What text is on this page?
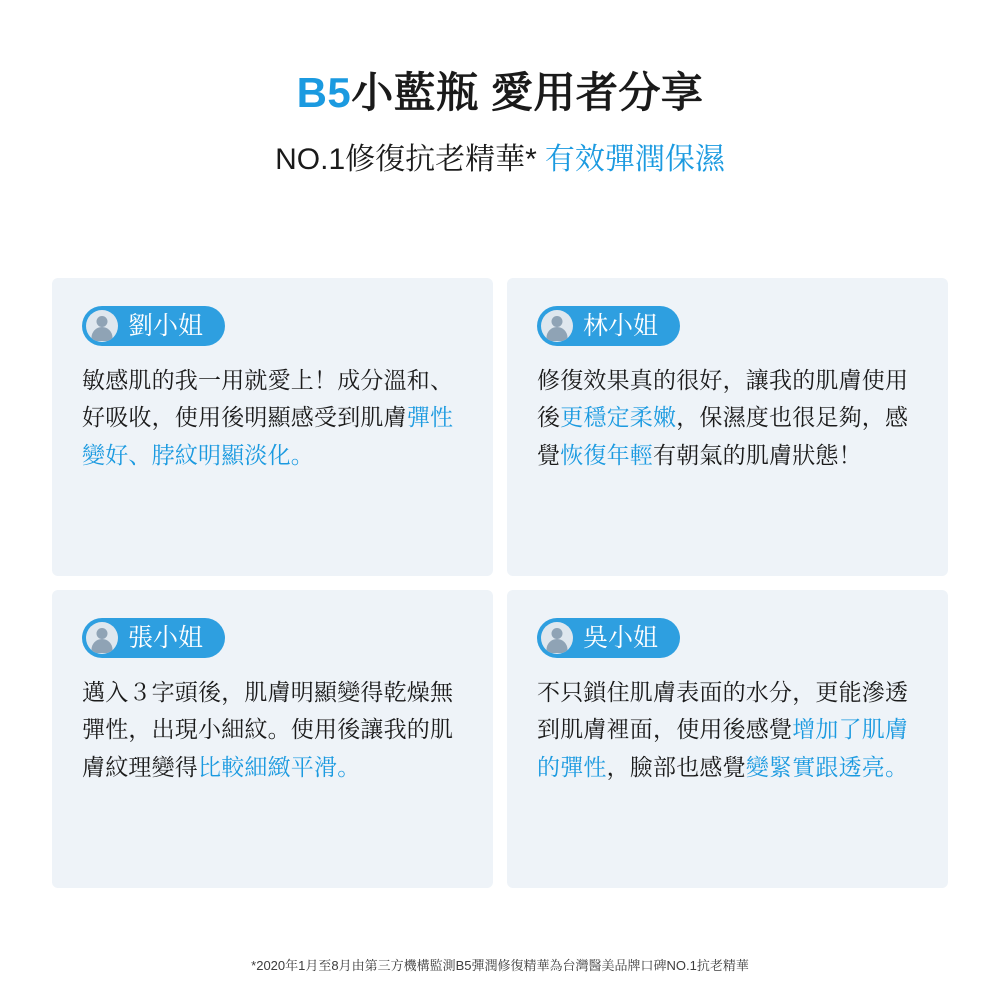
B5小藍瓶 愛用者分享
NO.1修復抗老精華* 有效彈潤保濕
劉小姐
敏感肌的我一用就愛上！成分溫和、好吸收，使用後明顯感受到肌膚彈性變好、脖紋明顯淡化。
林小姐
修復效果真的很好，讓我的肌膚使用後更穩定柔嫩，保濕度也很足夠，感覺恢復年輕有朝氣的肌膚狀態！
張小姐
邁入３字頭後，肌膚明顯變得乾燥無彈性，出現小細紋。使用後讓我的肌膚紋理變得比較細緻平滑。
吳小姐
不只鎖住肌膚表面的水分，更能滲透到肌膚裡面，使用後感覺增加了肌膚的彈性，臉部也感覺變緊實跟透亮。
*2020年1月至8月由第三方機構監測B5彈潤修復精華為台灣醫美品牌口碑NO.1抗老精華
